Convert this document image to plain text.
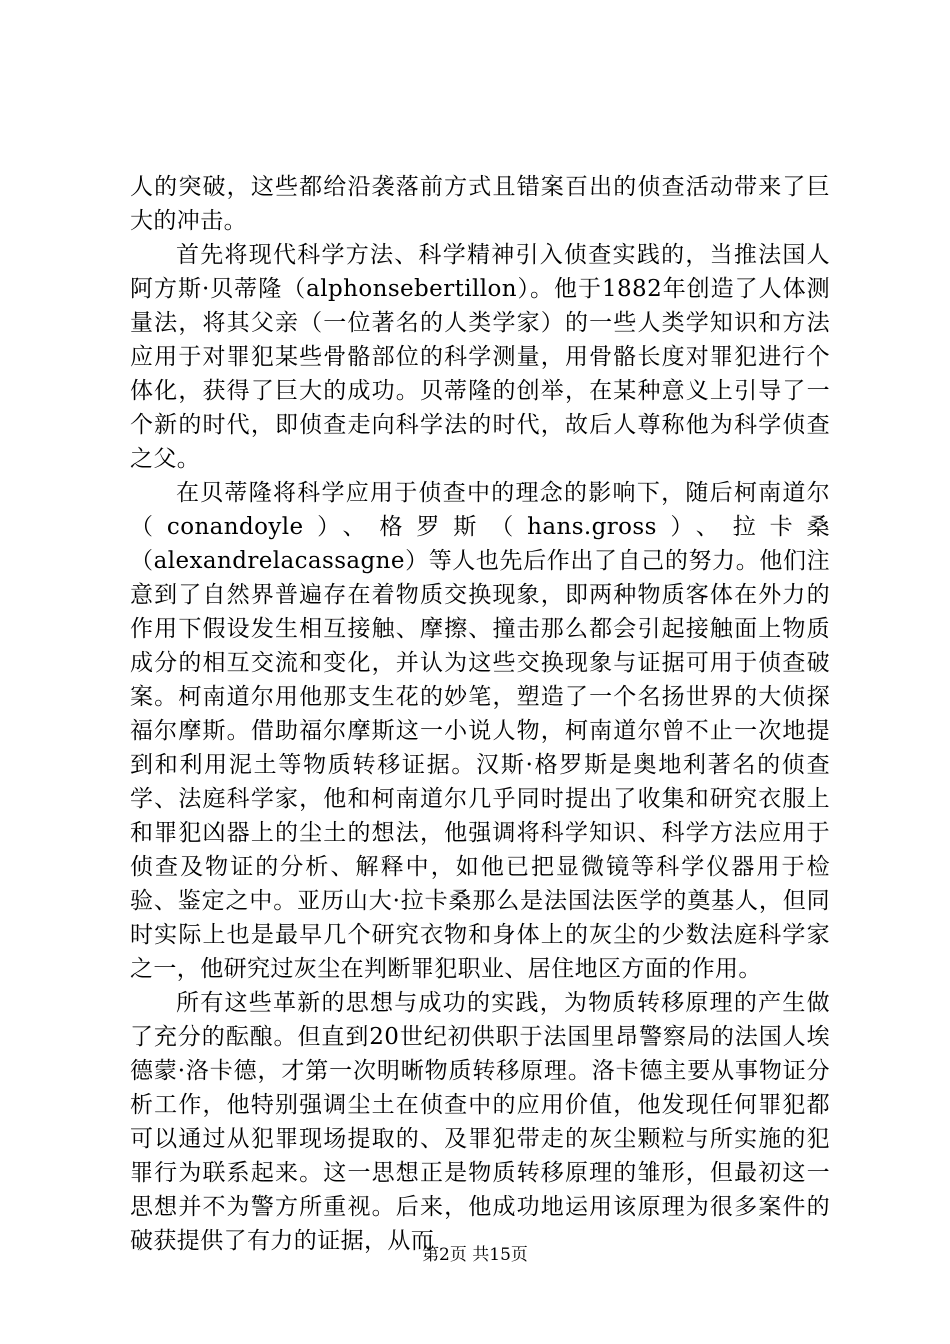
人的突破，这些都给沿袭落前方式且错案百出的侦查活动带来了巨大的冲击。

首先将现代科学方法、科学精神引入侦查实践的，当推法国人阿方斯·贝蒂隆（alphonsebertillon）。他于1882年创造了人体测量法，将其父亲（一位著名的人类学家）的一些人类学知识和方法应用于对罪犯某些骨骼部位的科学测量，用骨骼长度对罪犯进行个体化，获得了巨大的成功。贝蒂隆的创举，在某种意义上引导了一个新的时代，即侦查走向科学法的时代，故后人尊称他为科学侦查之父。

在贝蒂隆将科学应用于侦查中的理念的影响下，随后柯南道尔（conandoyle）、格罗斯（hans.gross）、拉卡桑（alexandrelacassagne）等人也先后作出了自己的努力。他们注意到了自然界普遍存在着物质交换现象，即两种物质客体在外力的作用下假设发生相互接触、摩擦、撞击那么都会引起接触面上物质成分的相互交流和变化，并认为这些交换现象与证据可用于侦查破案。柯南道尔用他那支生花的妙笔，塑造了一个名扬世界的大侦探福尔摩斯。借助福尔摩斯这一小说人物，柯南道尔曾不止一次地提到和利用泥土等物质转移证据。汉斯·格罗斯是奥地利著名的侦查学、法庭科学家，他和柯南道尔几乎同时提出了收集和研究衣服上和罪犯凶器上的尘土的想法，他强调将科学知识、科学方法应用于侦查及物证的分析、解释中，如他已把显微镜等科学仪器用于检验、鉴定之中。亚历山大·拉卡桑那么是法国法医学的奠基人，但同时实际上也是最早几个研究衣物和身体上的灰尘的少数法庭科学家之一，他研究过灰尘在判断罪犯职业、居住地区方面的作用。

所有这些革新的思想与成功的实践，为物质转移原理的产生做了充分的酝酿。但直到20世纪初供职于法国里昂警察局的法国人埃德蒙·洛卡德，才第一次明晰物质转移原理。洛卡德主要从事物证分析工作，他特别强调尘土在侦查中的应用价值，他发现任何罪犯都可以通过从犯罪现场提取的、及罪犯带走的灰尘颗粒与所实施的犯罪行为联系起来。这一思想正是物质转移原理的雏形，但最初这一思想并不为警方所重视。后来，他成功地运用该原理为很多案件的破获提供了有力的证据，从而

第2页 共15页
